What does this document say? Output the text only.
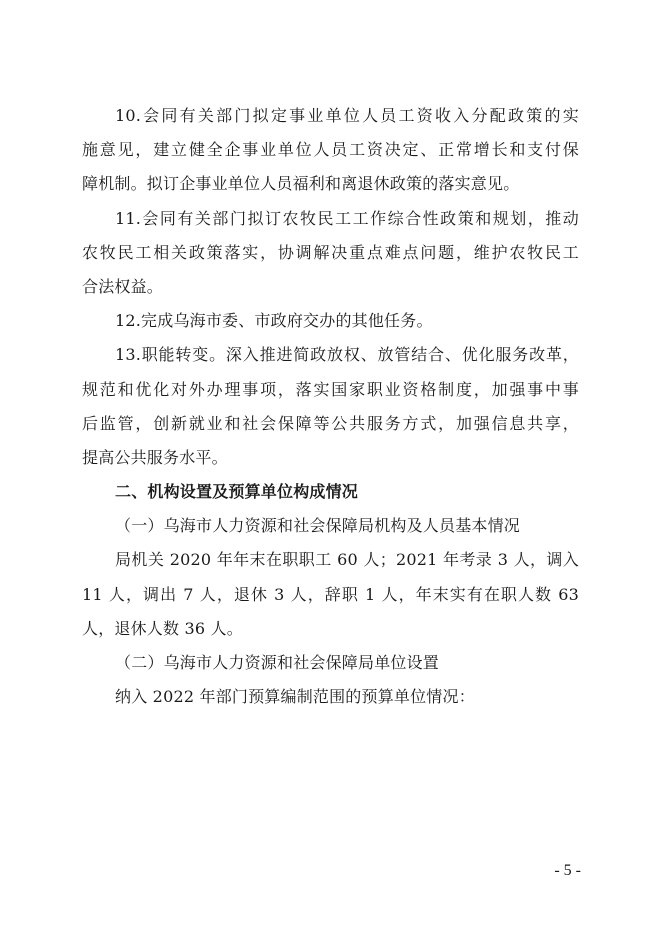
10.会同有关部门拟定事业单位人员工资收入分配政策的实
施意见，建立健全企事业单位人员工资决定、正常增长和支付保
障机制。拟订企事业单位人员福利和离退休政策的落实意见。
11.会同有关部门拟订农牧民工工作综合性政策和规划，推动
农牧民工相关政策落实，协调解决重点难点问题，维护农牧民工
合法权益。
12.完成乌海市委、市政府交办的其他任务。
13.职能转变。深入推进简政放权、放管结合、优化服务改革，
规范和优化对外办理事项，落实国家职业资格制度，加强事中事
后监管，创新就业和社会保障等公共服务方式，加强信息共享，
提高公共服务水平。
二、机构设置及预算单位构成情况
（一）乌海市人力资源和社会保障局机构及人员基本情况
局机关 2020 年年末在职职工 60 人；2021 年考录 3 人，调入
11 人，调出 7 人，退休 3 人，辞职 1 人，年末实有在职人数 63
人，退休人数 36 人。
（二）乌海市人力资源和社会保障局单位设置
纳入 2022 年部门预算编制范围的预算单位情况：
- 5 -
